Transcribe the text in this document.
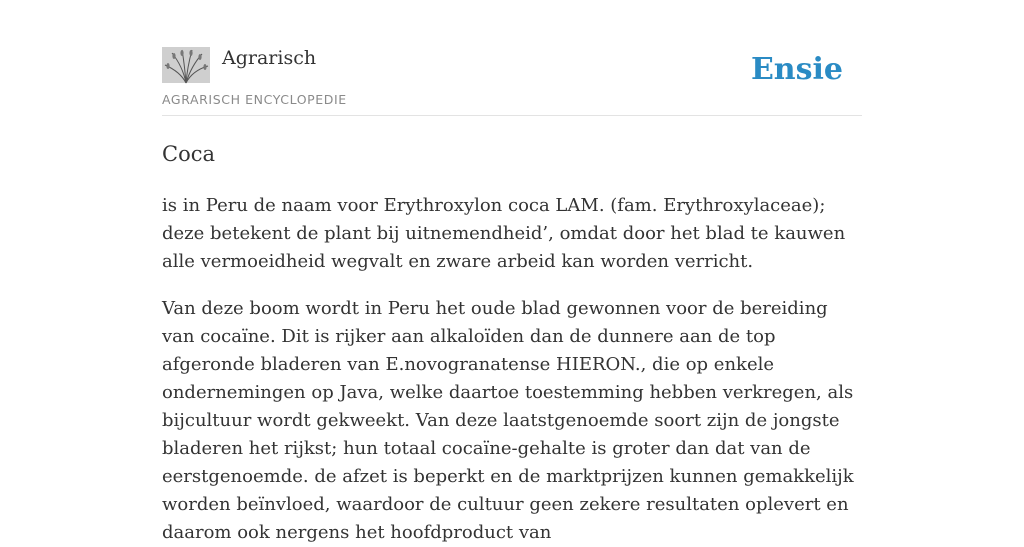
Agrarisch
AGRARISCH ENCYCLOPEDIE
Ensie
Coca

is in Peru de naam voor Erythroxylon coca LAM. (fam. Erythroxylaceae); deze betekent de plant bij uitnemendheid’, omdat door het blad te kauwen alle vermoeidheid wegvalt en zware arbeid kan worden verricht.

Van deze boom wordt in Peru het oude blad gewonnen voor de bereiding van cocaïne. Dit is rijker aan alkaloïden dan de dunnere aan de top afgeronde bladeren van E.novogranatense HIERON., die op enkele ondernemingen op Java, welke daartoe toestemming hebben verkregen, als bijcultuur wordt gekweekt. Van deze laatstgenoemde soort zijn de jongste bladeren het rijkst; hun totaal cocaïne-gehalte is groter dan dat van de eerstgenoemde. de afzet is beperkt en de marktprijzen kunnen gemakkelijk worden beïnvloed, waardoor de cultuur geen zekere resultaten oplevert en daarom ook nergens het hoofdproduct van
